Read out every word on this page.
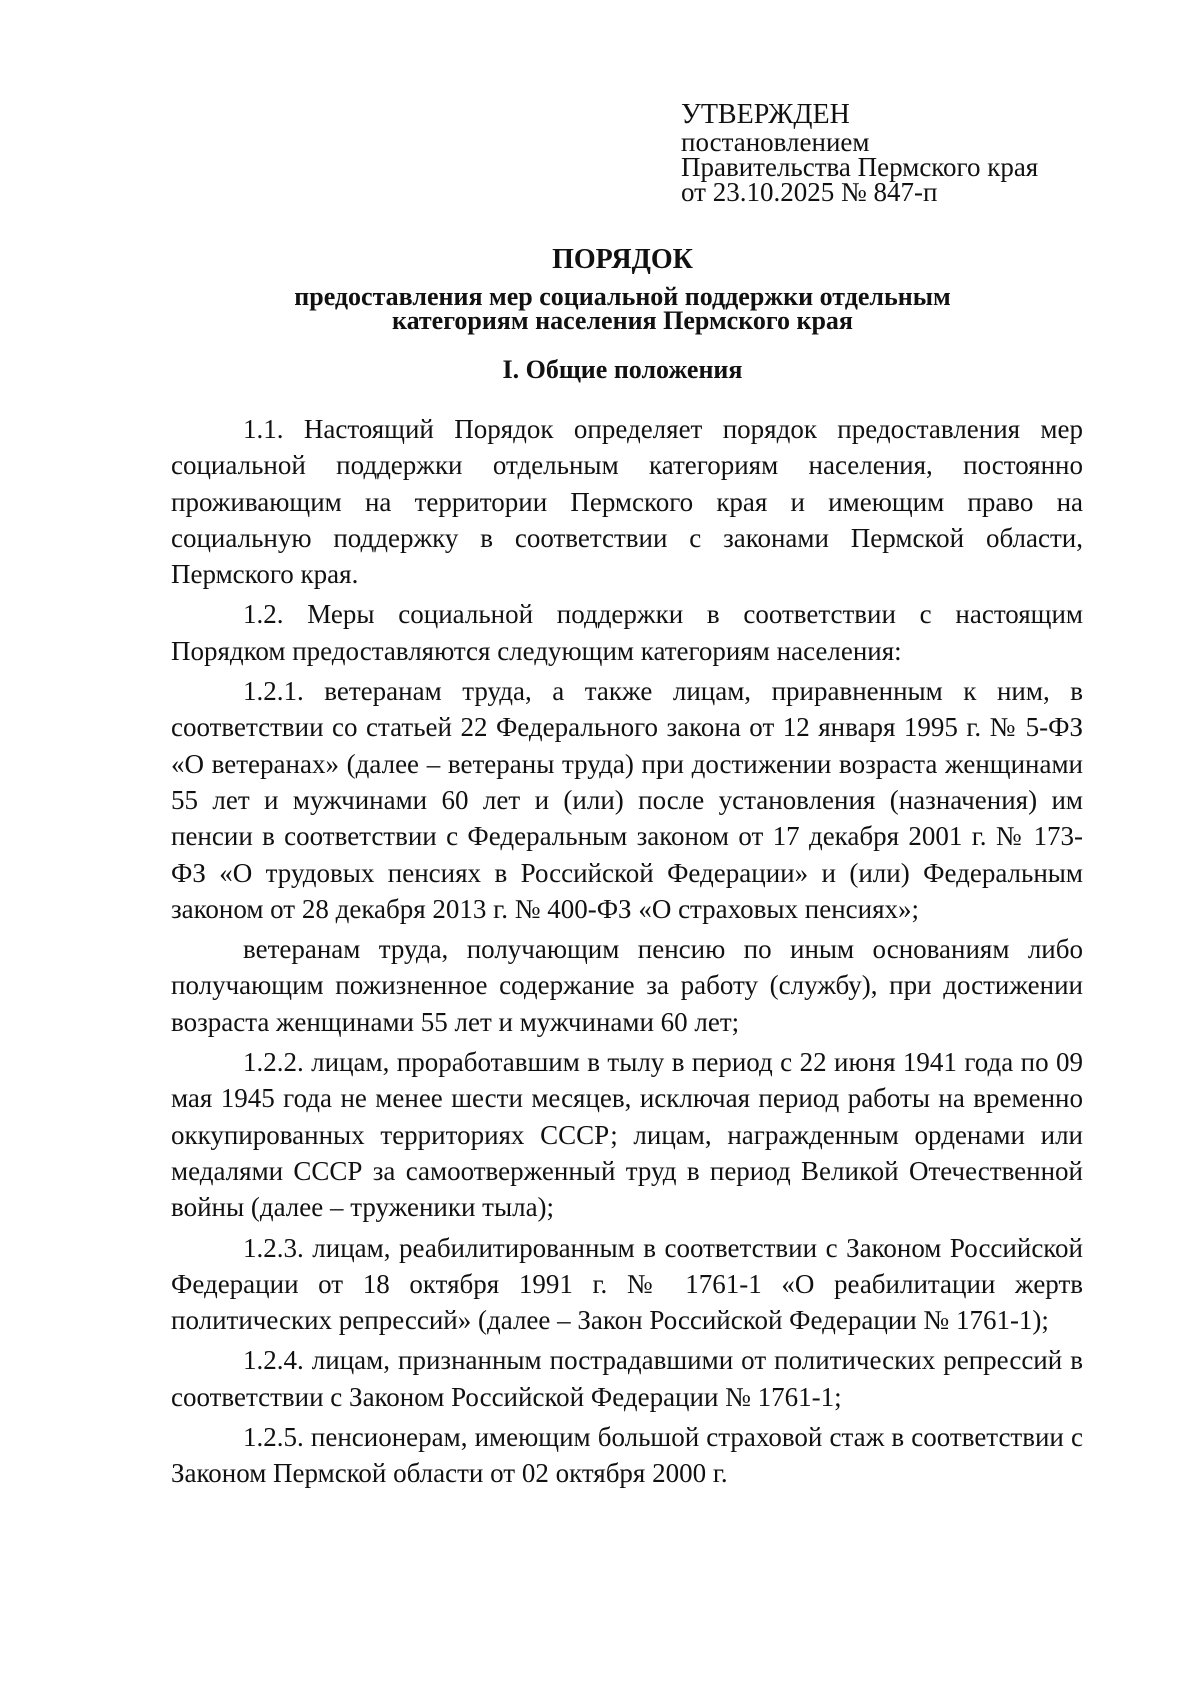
УТВЕРЖДЕН
постановлением
Правительства Пермского края
от 23.10.2025 № 847-п
ПОРЯДОК
предоставления мер социальной поддержки отдельным
категориям населения Пермского края
I. Общие положения

1.1. Настоящий Порядок определяет порядок предоставления мер социальной поддержки отдельным категориям населения, постоянно проживающим на территории Пермского края и имеющим право на социальную поддержку в соответствии с законами Пермской области, Пермского края.

1.2. Меры социальной поддержки в соответствии с настоящим Порядком предоставляются следующим категориям населения:

1.2.1. ветеранам труда, а также лицам, приравненным к ним, в соответствии со статьей 22 Федерального закона от 12 января 1995 г. № 5-ФЗ «О ветеранах» (далее – ветераны труда) при достижении возраста женщинами 55 лет и мужчинами 60 лет и (или) после установления (назначения) им пенсии в соответствии с Федеральным законом от 17 декабря 2001 г. № 173-ФЗ «О трудовых пенсиях в Российской Федерации» и (или) Федеральным законом от 28 декабря 2013 г. № 400-ФЗ «О страховых пенсиях»;

ветеранам труда, получающим пенсию по иным основаниям либо получающим пожизненное содержание за работу (службу), при достижении возраста женщинами 55 лет и мужчинами 60 лет;

1.2.2. лицам, проработавшим в тылу в период с 22 июня 1941 года по 09 мая 1945 года не менее шести месяцев, исключая период работы на временно оккупированных территориях СССР; лицам, награжденным орденами или медалями СССР за самоотверженный труд в период Великой Отечественной войны (далее – труженики тыла);

1.2.3. лицам, реабилитированным в соответствии с Законом Российской Федерации от 18 октября 1991 г. № 1761-1 «О реабилитации жертв политических репрессий» (далее – Закон Российской Федерации № 1761-1);

1.2.4. лицам, признанным пострадавшими от политических репрессий в соответствии с Законом Российской Федерации № 1761-1;

1.2.5. пенсионерам, имеющим большой страховой стаж в соответствии с Законом Пермской области от 02 октября 2000 г.
